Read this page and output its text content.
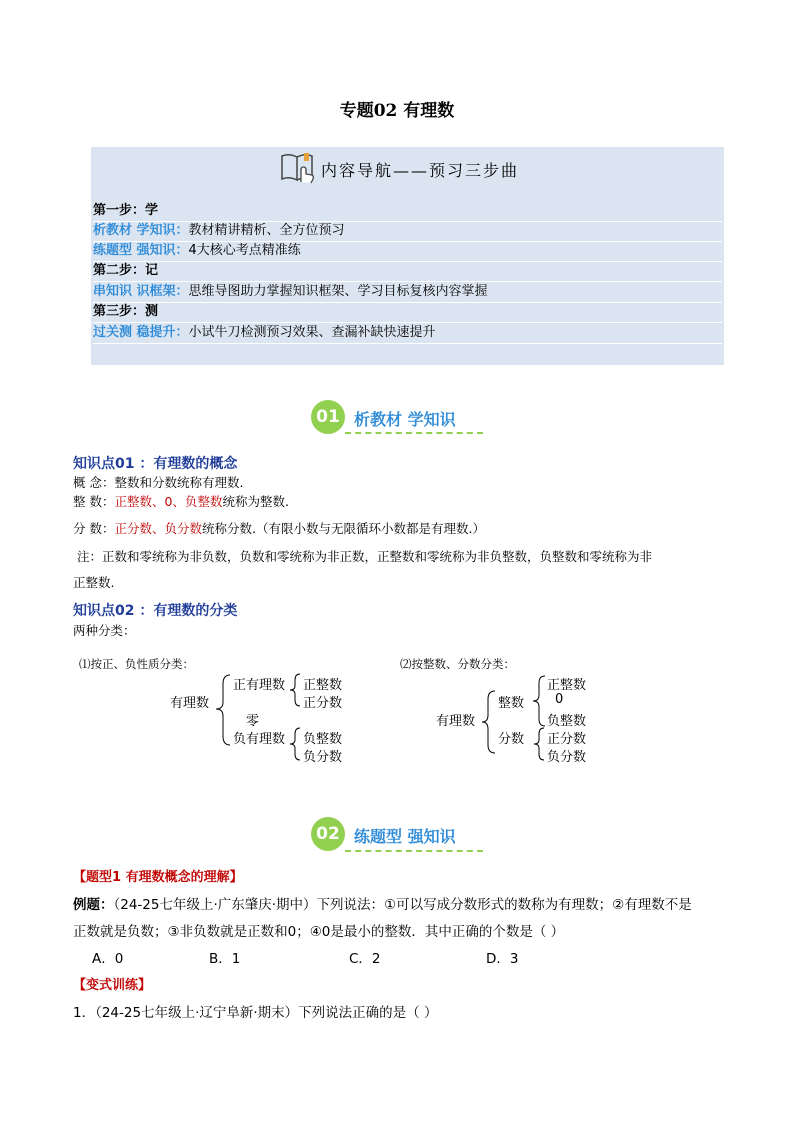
专题02 有理数
内容导航——预习三步曲
第一步：学
析教材 学知识：教材精讲精析、全方位预习
练题型 强知识：4大核心考点精准练
第二步：记
串知识 识框架：思维导图助力掌握知识框架、学习目标复核内容掌握
第三步：测
过关测 稳提升：小试牛刀检测预习效果、查漏补缺快速提升
01 析教材 学知识
知识点01 ：有理数的概念
概 念：整数和分数统称有理数.
整 数：正整数、0、负整数统称为整数.
分 数：正分数、负分数统称分数.（有限小数与无限循环小数都是有理数.）
注：正数和零统称为非负数，负数和零统称为非正数，正整数和零统称为非负整数，负整数和零统称为非
正整数.
知识点02 ：有理数的分类
两种分类：
⑴按正、负性质分类：
有理数
正有理数 正整数
正分数
零
负有理数 负整数
负分数
⑵按整数、分数分类：
有理数
整数
正整数
0
负整数
分数 正分数
负分数
02 练题型 强知识
【题型1 有理数概念的理解】
例题：（24-25七年级上·广东肇庆·期中）下列说法：①可以写成分数形式的数称为有理数；②有理数不是
正数就是负数；③非负数就是正数和0；④0是最小的整数．其中正确的个数是（ ）
A．0	B．1	C．2	D．3
【变式训练】
1．（24-25七年级上·辽宁阜新·期末）下列说法正确的是（ ）
